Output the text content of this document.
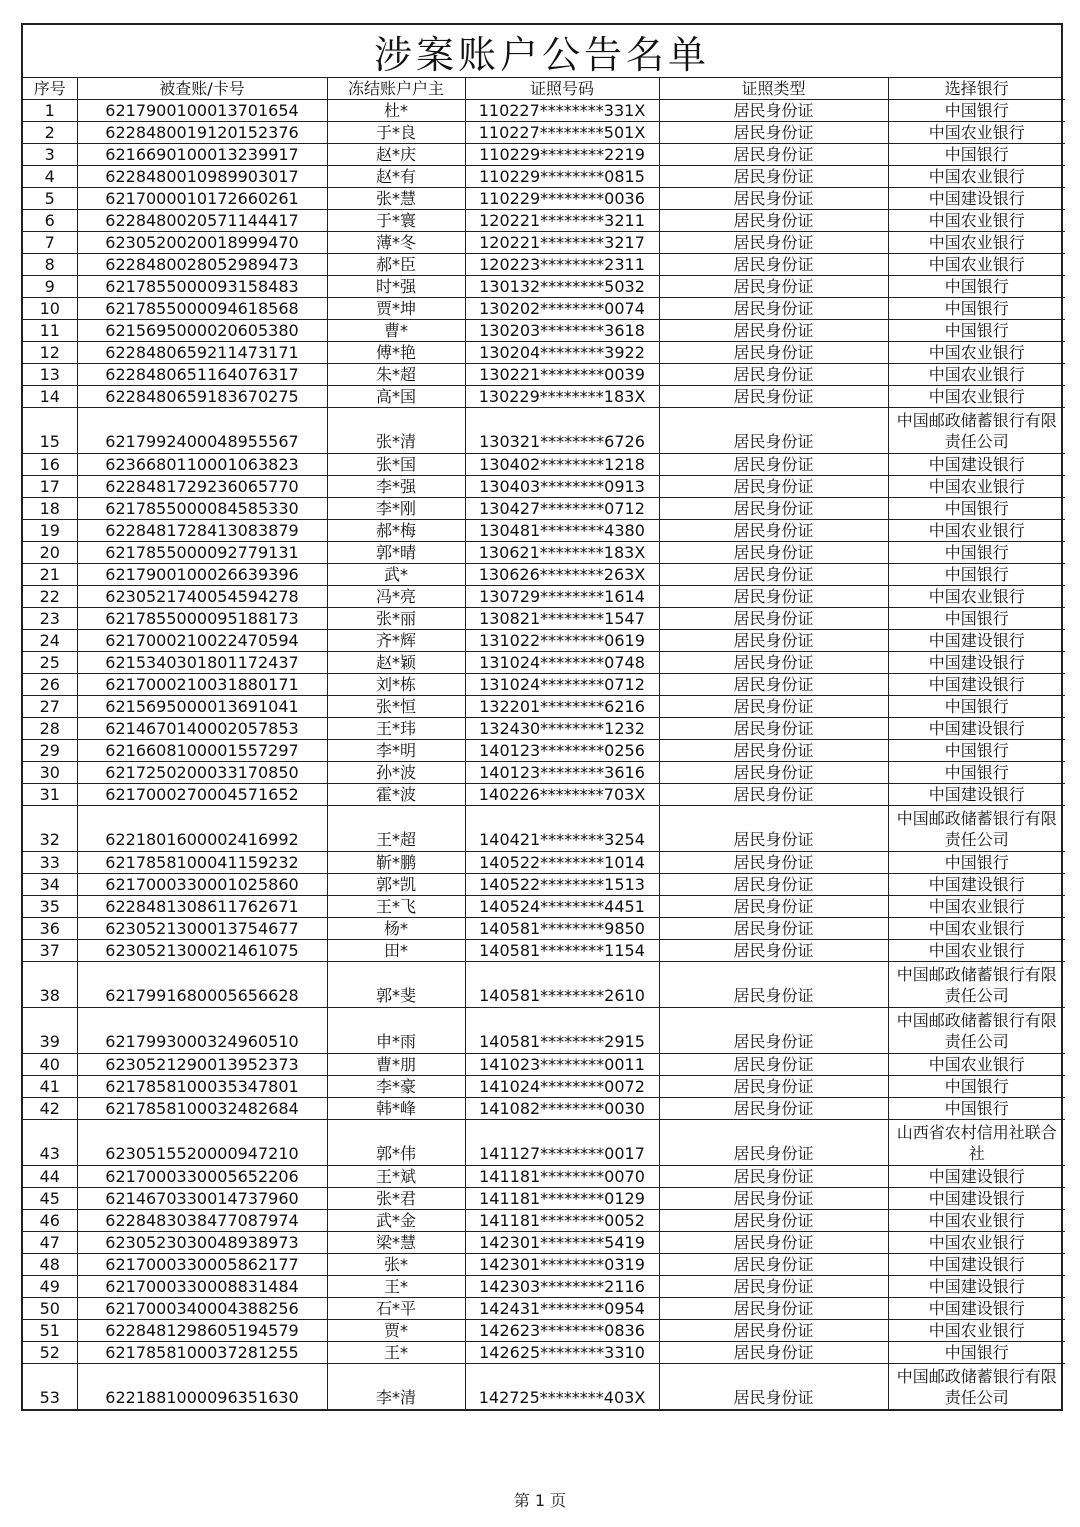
涉案账户公告名单
序号	被查账/卡号	冻结账户户主	证照号码	证照类型	选择银行
1	6217900100013701654	杜*	110227********331X	居民身份证	中国银行
2	6228480019120152376	于*良	110227********501X	居民身份证	中国农业银行
3	6216690100013239917	赵*庆	110229********2219	居民身份证	中国银行
4	6228480010989903017	赵*有	110229********0815	居民身份证	中国农业银行
5	6217000010172660261	张*慧	110229********0036	居民身份证	中国建设银行
6	6228480020571144417	于*寰	120221********3211	居民身份证	中国农业银行
7	6230520020018999470	薄*冬	120221********3217	居民身份证	中国农业银行
8	6228480028052989473	郝*臣	120223********2311	居民身份证	中国农业银行
9	6217855000093158483	时*强	130132********5032	居民身份证	中国银行
10	6217855000094618568	贾*坤	130202********0074	居民身份证	中国银行
11	6215695000020605380	曹*	130203********3618	居民身份证	中国银行
12	6228480659211473171	傅*艳	130204********3922	居民身份证	中国农业银行
13	6228480651164076317	朱*超	130221********0039	居民身份证	中国农业银行
14	6228480659183670275	高*国	130229********183X	居民身份证	中国农业银行
15	6217992400048955567	张*清	130321********6726	居民身份证	中国邮政储蓄银行有限责任公司
16	6236680110001063823	张*国	130402********1218	居民身份证	中国建设银行
17	6228481729236065770	李*强	130403********0913	居民身份证	中国农业银行
18	6217855000084585330	李*刚	130427********0712	居民身份证	中国银行
19	6228481728413083879	郝*梅	130481********4380	居民身份证	中国农业银行
20	6217855000092779131	郭*晴	130621********183X	居民身份证	中国银行
21	6217900100026639396	武*	130626********263X	居民身份证	中国银行
22	6230521740054594278	冯*亮	130729********1614	居民身份证	中国农业银行
23	6217855000095188173	张*丽	130821********1547	居民身份证	中国银行
24	6217000210022470594	齐*辉	131022********0619	居民身份证	中国建设银行
25	6215340301801172437	赵*颖	131024********0748	居民身份证	中国建设银行
26	6217000210031880171	刘*栋	131024********0712	居民身份证	中国建设银行
27	6215695000013691041	张*恒	132201********6216	居民身份证	中国银行
28	6214670140002057853	王*玮	132430********1232	居民身份证	中国建设银行
29	6216608100001557297	李*明	140123********0256	居民身份证	中国银行
30	6217250200033170850	孙*波	140123********3616	居民身份证	中国银行
31	6217000270004571652	霍*波	140226********703X	居民身份证	中国建设银行
32	6221801600002416992	王*超	140421********3254	居民身份证	中国邮政储蓄银行有限责任公司
33	6217858100041159232	靳*鹏	140522********1014	居民身份证	中国银行
34	6217000330001025860	郭*凯	140522********1513	居民身份证	中国建设银行
35	6228481308611762671	王*飞	140524********4451	居民身份证	中国农业银行
36	6230521300013754677	杨*	140581********9850	居民身份证	中国农业银行
37	6230521300021461075	田*	140581********1154	居民身份证	中国农业银行
38	6217991680005656628	郭*斐	140581********2610	居民身份证	中国邮政储蓄银行有限责任公司
39	6217993000324960510	申*雨	140581********2915	居民身份证	中国邮政储蓄银行有限责任公司
40	6230521290013952373	曹*朋	141023********0011	居民身份证	中国农业银行
41	6217858100035347801	李*豪	141024********0072	居民身份证	中国银行
42	6217858100032482684	韩*峰	141082********0030	居民身份证	中国银行
43	6230515520000947210	郭*伟	141127********0017	居民身份证	山西省农村信用社联合社
44	6217000330005652206	王*斌	141181********0070	居民身份证	中国建设银行
45	6214670330014737960	张*君	141181********0129	居民身份证	中国建设银行
46	6228483038477087974	武*金	141181********0052	居民身份证	中国农业银行
47	6230523030048938973	梁*慧	142301********5419	居民身份证	中国农业银行
48	6217000330005862177	张*	142301********0319	居民身份证	中国建设银行
49	6217000330008831484	王*	142303********2116	居民身份证	中国建设银行
50	6217000340004388256	石*平	142431********0954	居民身份证	中国建设银行
51	6228481298605194579	贾*	142623********0836	居民身份证	中国农业银行
52	6217858100037281255	王*	142625********3310	居民身份证	中国银行
53	6221881000096351630	李*清	142725********403X	居民身份证	中国邮政储蓄银行有限责任公司
第 1 页
